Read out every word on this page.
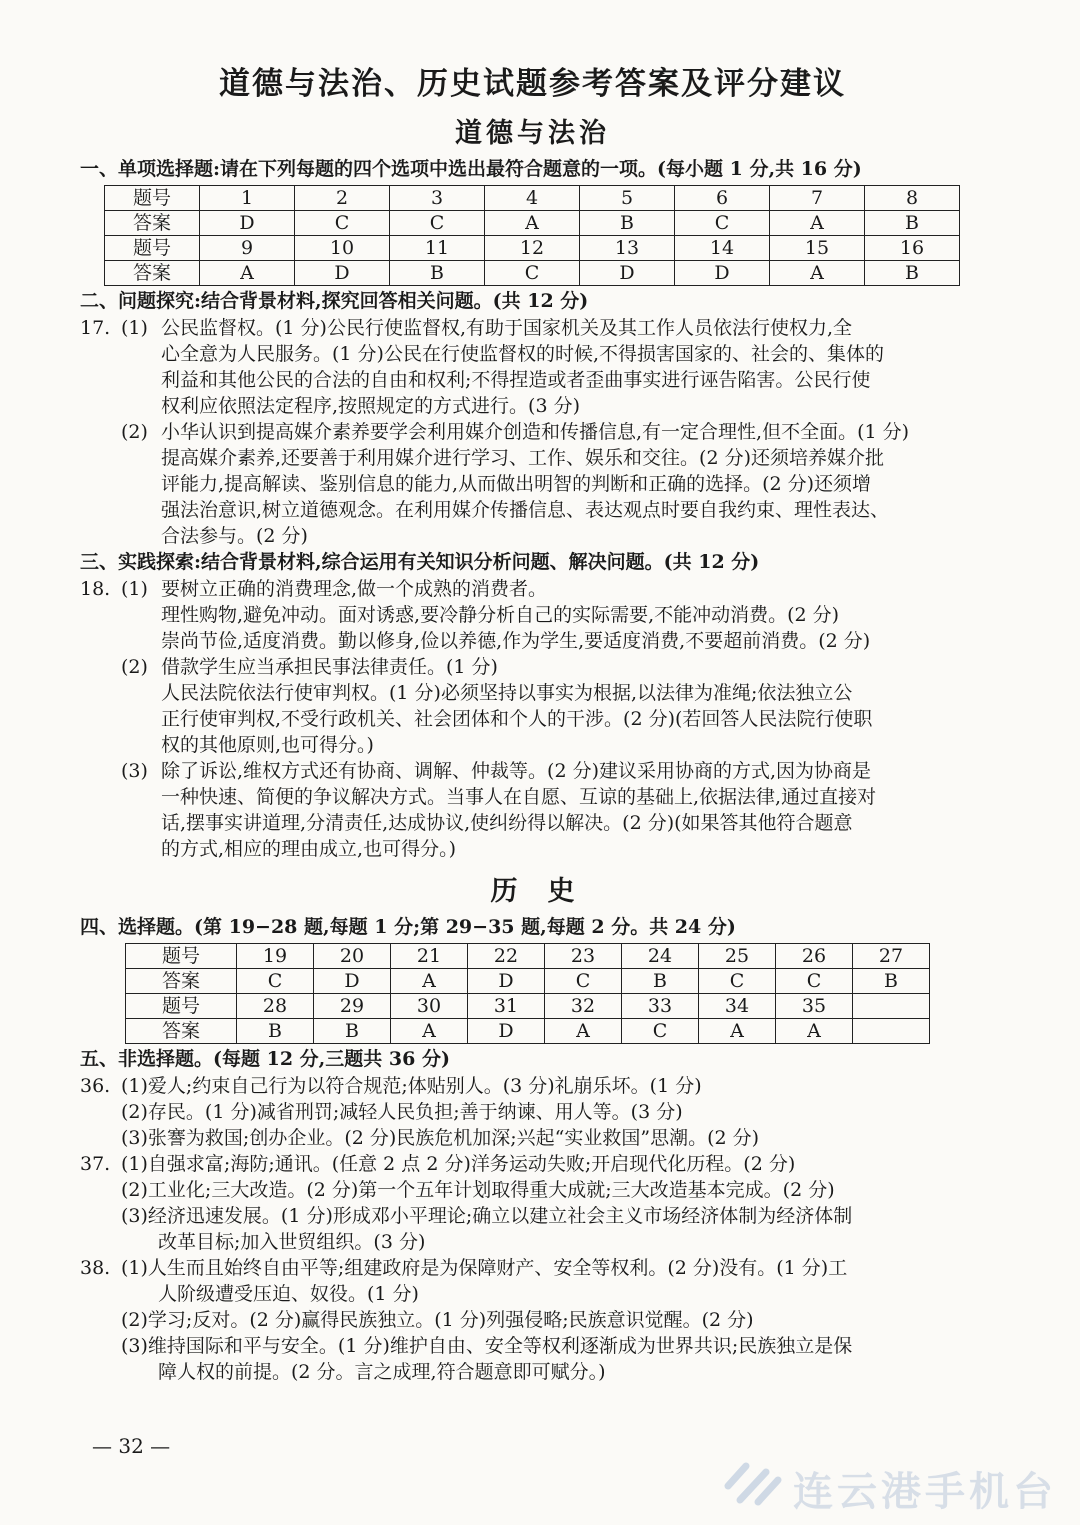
道德与法治、历史试题参考答案及评分建议
道德与法治
一、单项选择题:请在下列每题的四个选项中选出最符合题意的一项。(每小题 1 分,共 16 分)
题号	1	2	3	4	5	6	7	8
答案	D	C	C	A	B	C	A	B
题号	9	10	11	12	13	14	15	16
答案	A	D	B	C	D	D	A	B
二、问题探究:结合背景材料,探究回答相关问题。(共 12 分)
17. (1) 公民监督权。(1 分)公民行使监督权,有助于国家机关及其工作人员依法行使权力,全
心全意为人民服务。(1 分)公民在行使监督权的时候,不得损害国家的、社会的、集体的
利益和其他公民的合法的自由和权利;不得捏造或者歪曲事实进行诬告陷害。公民行使
权利应依照法定程序,按照规定的方式进行。(3 分)
(2) 小华认识到提高媒介素养要学会利用媒介创造和传播信息,有一定合理性,但不全面。(1 分)
提高媒介素养,还要善于利用媒介进行学习、工作、娱乐和交往。(2 分)还须培养媒介批
评能力,提高解读、鉴别信息的能力,从而做出明智的判断和正确的选择。(2 分)还须增
强法治意识,树立道德观念。在利用媒介传播信息、表达观点时要自我约束、理性表达、
合法参与。(2 分)
三、实践探索:结合背景材料,综合运用有关知识分析问题、解决问题。(共 12 分)
18. (1) 要树立正确的消费理念,做一个成熟的消费者。
理性购物,避免冲动。面对诱惑,要冷静分析自己的实际需要,不能冲动消费。(2 分)
崇尚节俭,适度消费。勤以修身,俭以养德,作为学生,要适度消费,不要超前消费。(2 分)
(2) 借款学生应当承担民事法律责任。(1 分)
人民法院依法行使审判权。(1 分)必须坚持以事实为根据,以法律为准绳;依法独立公
正行使审判权,不受行政机关、社会团体和个人的干涉。(2 分)(若回答人民法院行使职
权的其他原则,也可得分。)
(3) 除了诉讼,维权方式还有协商、调解、仲裁等。(2 分)建议采用协商的方式,因为协商是
一种快速、简便的争议解决方式。当事人在自愿、互谅的基础上,依据法律,通过直接对
话,摆事实讲道理,分清责任,达成协议,使纠纷得以解决。(2 分)(如果答其他符合题意
的方式,相应的理由成立,也可得分。)
历史
四、选择题。(第 19−28 题,每题 1 分;第 29−35 题,每题 2 分。共 24 分)
题号	19	20	21	22	23	24	25	26	27
答案	C	D	A	D	C	B	C	C	B
题号	28	29	30	31	32	33	34	35	
答案	B	B	A	D	A	C	A	A	
五、非选择题。(每题 12 分,三题共 36 分)
36. (1)爱人;约束自己行为以符合规范;体贴别人。(3 分)礼崩乐坏。(1 分)
(2)存民。(1 分)减省刑罚;减轻人民负担;善于纳谏、用人等。(3 分)
(3)张謇为救国;创办企业。(2 分)民族危机加深;兴起“实业救国”思潮。(2 分)
37. (1)自强求富;海防;通讯。(任意 2 点 2 分)洋务运动失败;开启现代化历程。(2 分)
(2)工业化;三大改造。(2 分)第一个五年计划取得重大成就;三大改造基本完成。(2 分)
(3)经济迅速发展。(1 分)形成邓小平理论;确立以建立社会主义市场经济体制为经济体制
改革目标;加入世贸组织。(3 分)
38. (1)人生而且始终自由平等;组建政府是为保障财产、安全等权利。(2 分)没有。(1 分)工
人阶级遭受压迫、奴役。(1 分)
(2)学习;反对。(2 分)赢得民族独立。(1 分)列强侵略;民族意识觉醒。(2 分)
(3)维持国际和平与安全。(1 分)维护自由、安全等权利逐渐成为世界共识;民族独立是保
障人权的前提。(2 分。言之成理,符合题意即可赋分。)
— 32 —
连云港手机台
